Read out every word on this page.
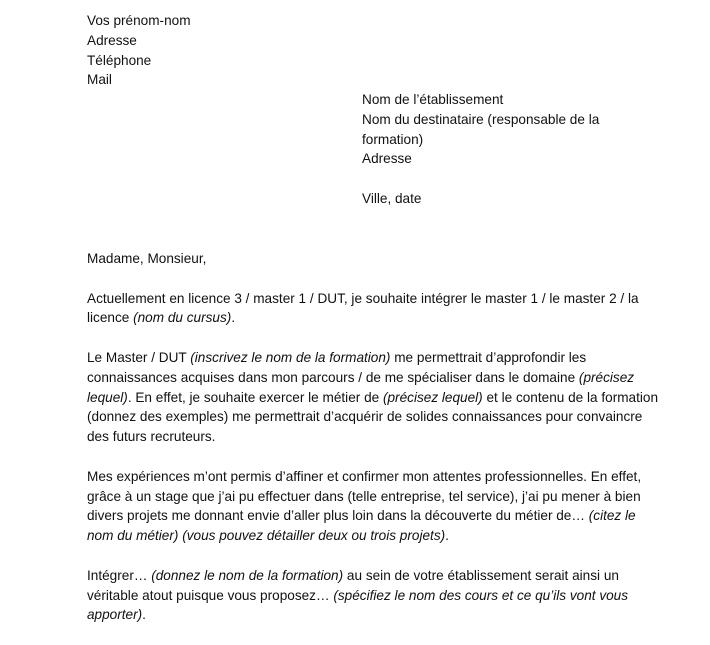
Vos prénom-nom
Adresse
Téléphone
Mail
Nom de l’établissement
Nom du destinataire (responsable de la
formation)
Adresse
Ville, date

Madame, Monsieur,

Actuellement en licence 3 / master 1 / DUT, je souhaite intégrer le master 1 / le master 2 / la licence (nom du cursus).

Le Master / DUT (inscrivez le nom de la formation) me permettrait d’approfondir les connaissances acquises dans mon parcours / de me spécialiser dans le domaine (précisez lequel). En effet, je souhaite exercer le métier de (précisez lequel) et le contenu de la formation (donnez des exemples) me permettrait d’acquérir de solides connaissances pour convaincre des futurs recruteurs.

Mes expériences m’ont permis d’affiner et confirmer mon attentes professionnelles. En effet, grâce à un stage que j’ai pu effectuer dans (telle entreprise, tel service), j’ai pu mener à bien divers projets me donnant envie d’aller plus loin dans la découverte du métier de… (citez le nom du métier) (vous pouvez détailler deux ou trois projets).

Intégrer… (donnez le nom de la formation) au sein de votre établissement serait ainsi un véritable atout puisque vous proposez… (spécifiez le nom des cours et ce qu’ils vont vous apporter).
